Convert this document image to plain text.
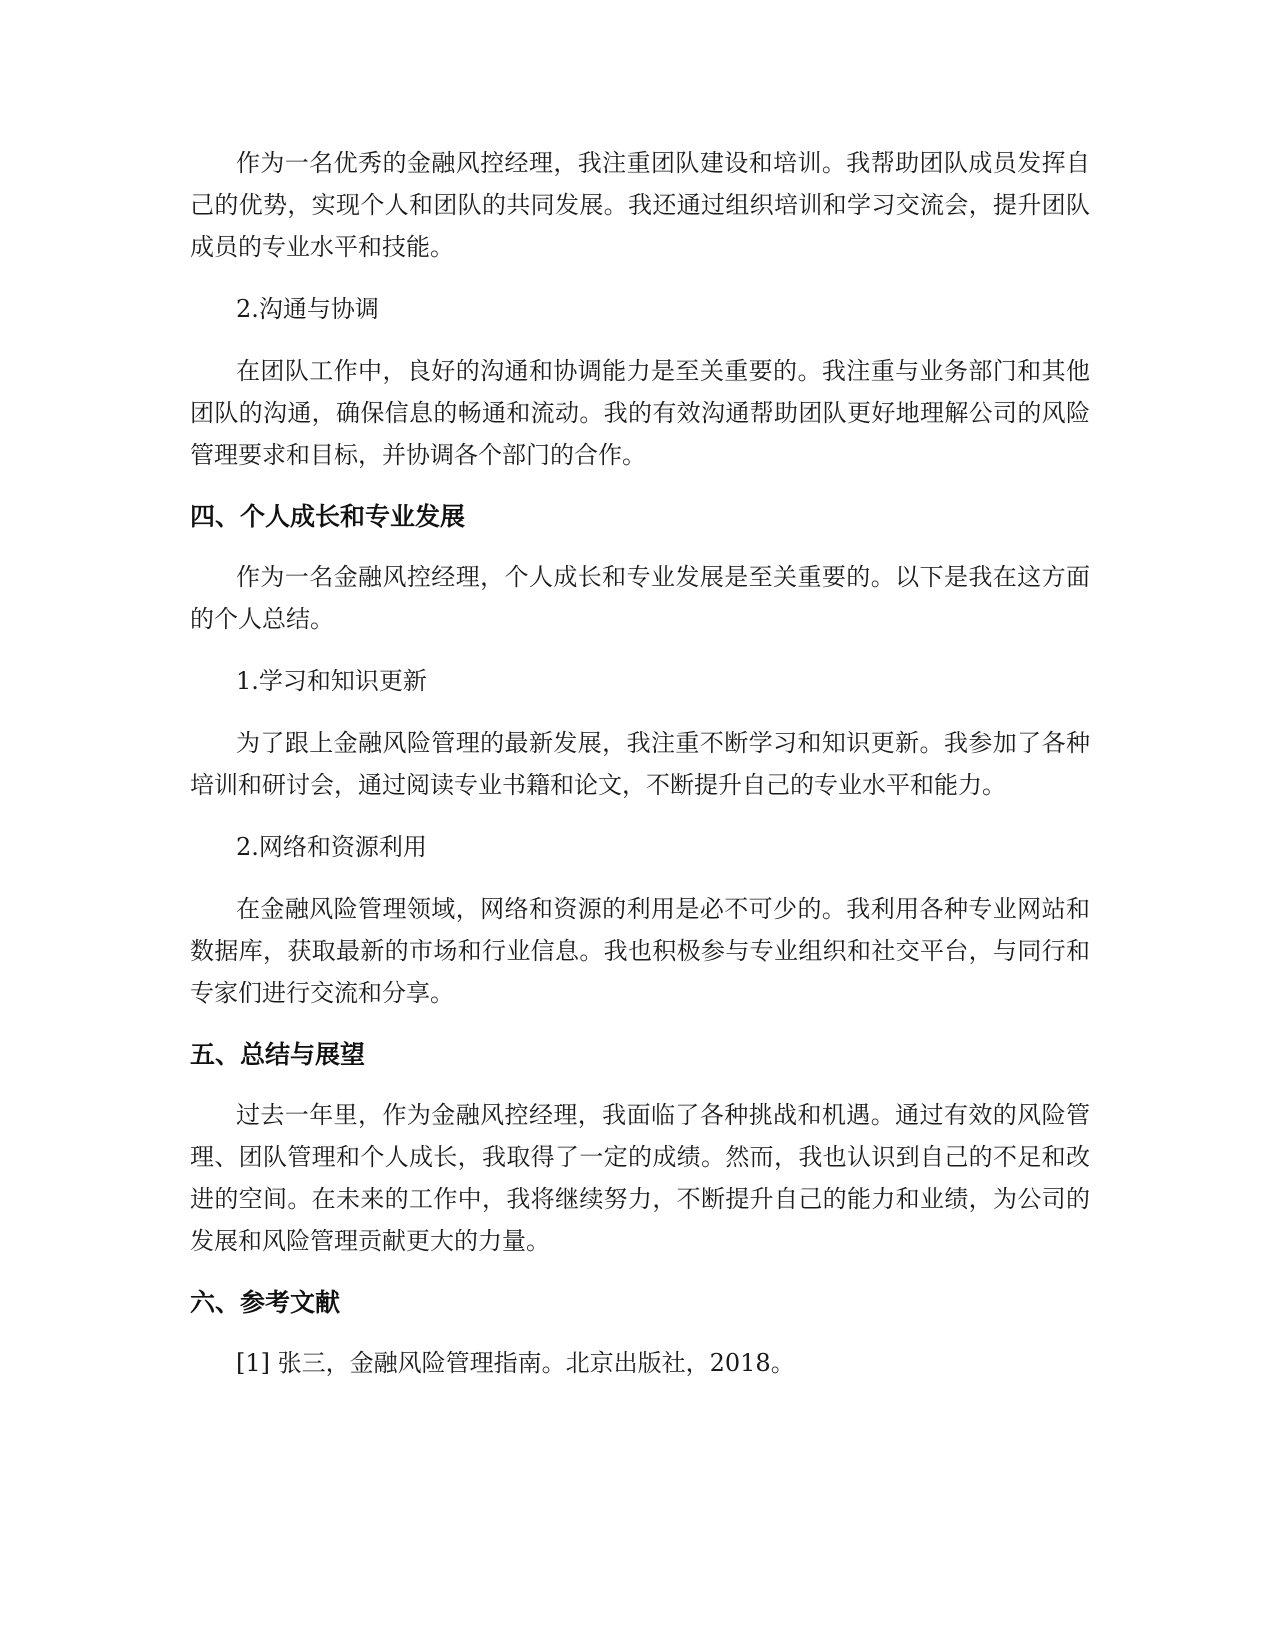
作为一名优秀的金融风控经理，我注重团队建设和培训。我帮助团队成员发挥自己的优势，实现个人和团队的共同发展。我还通过组织培训和学习交流会，提升团队成员的专业水平和技能。

2.沟通与协调

在团队工作中，良好的沟通和协调能力是至关重要的。我注重与业务部门和其他团队的沟通，确保信息的畅通和流动。我的有效沟通帮助团队更好地理解公司的风险管理要求和目标，并协调各个部门的合作。

四、个人成长和专业发展

作为一名金融风控经理，个人成长和专业发展是至关重要的。以下是我在这方面的个人总结。

1.学习和知识更新

为了跟上金融风险管理的最新发展，我注重不断学习和知识更新。我参加了各种培训和研讨会，通过阅读专业书籍和论文，不断提升自己的专业水平和能力。

2.网络和资源利用

在金融风险管理领域，网络和资源的利用是必不可少的。我利用各种专业网站和数据库，获取最新的市场和行业信息。我也积极参与专业组织和社交平台，与同行和专家们进行交流和分享。

五、总结与展望

过去一年里，作为金融风控经理，我面临了各种挑战和机遇。通过有效的风险管理、团队管理和个人成长，我取得了一定的成绩。然而，我也认识到自己的不足和改进的空间。在未来的工作中，我将继续努力，不断提升自己的能力和业绩，为公司的发展和风险管理贡献更大的力量。

六、参考文献

[1] 张三，金融风险管理指南。北京出版社，2018。
